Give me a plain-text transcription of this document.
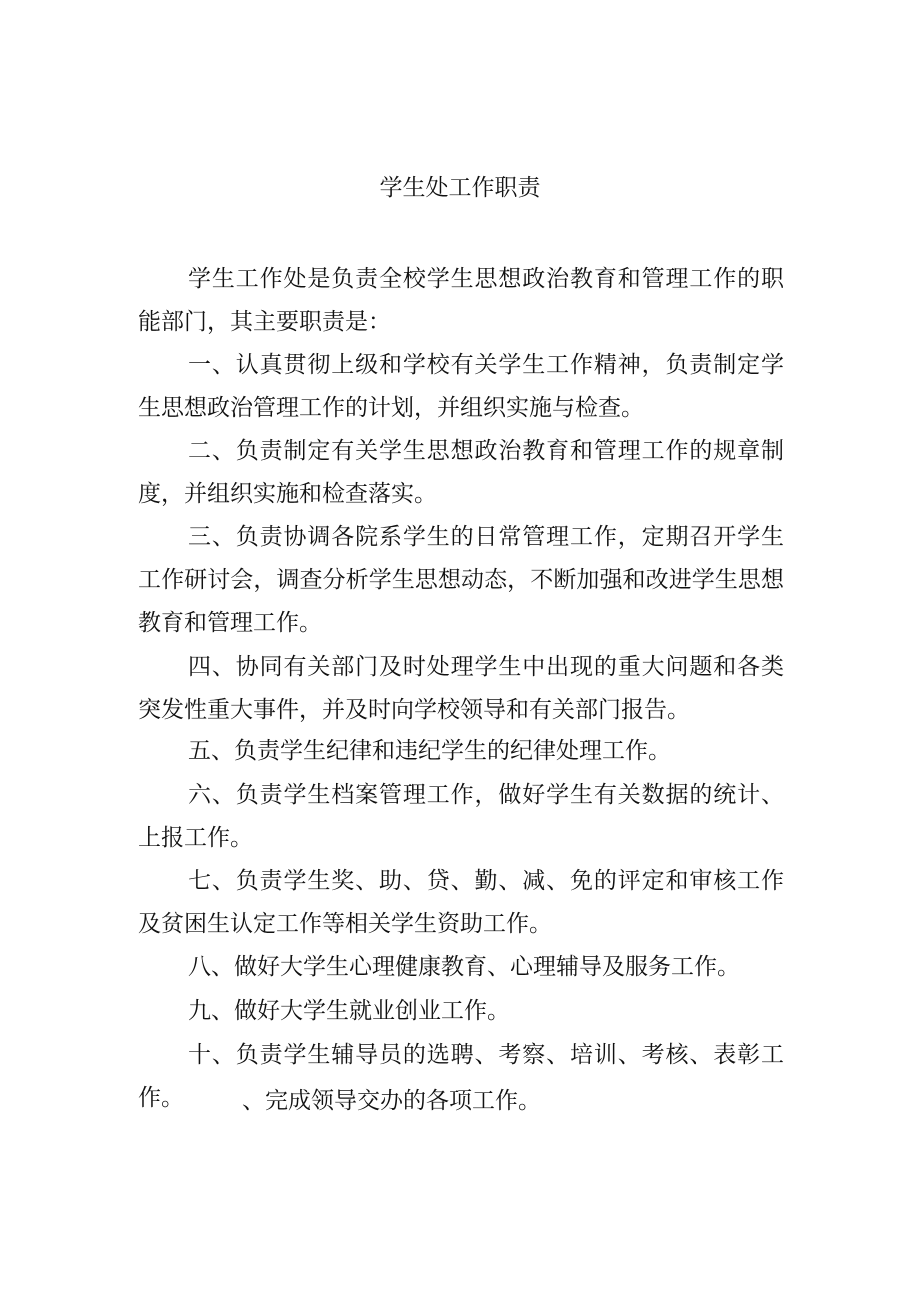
学生处工作职责

学生工作处是负责全校学生思想政治教育和管理工作的职能部门，其主要职责是：

一、认真贯彻上级和学校有关学生工作精神，负责制定学生思想政治管理工作的计划，并组织实施与检查。

二、负责制定有关学生思想政治教育和管理工作的规章制度，并组织实施和检查落实。

三、负责协调各院系学生的日常管理工作，定期召开学生工作研讨会，调查分析学生思想动态，不断加强和改进学生思想教育和管理工作。

四、协同有关部门及时处理学生中出现的重大问题和各类突发性重大事件，并及时向学校领导和有关部门报告。

五、负责学生纪律和违纪学生的纪律处理工作。

六、负责学生档案管理工作，做好学生有关数据的统计、上报工作。

七、负责学生奖、助、贷、勤、减、免的评定和审核工作及贫困生认定工作等相关学生资助工作。

八、做好大学生心理健康教育、心理辅导及服务工作。

九、做好大学生就业创业工作。

十、负责学生辅导员的选聘、考察、培训、考核、表彰工作。	、完成领导交办的各项工作。
